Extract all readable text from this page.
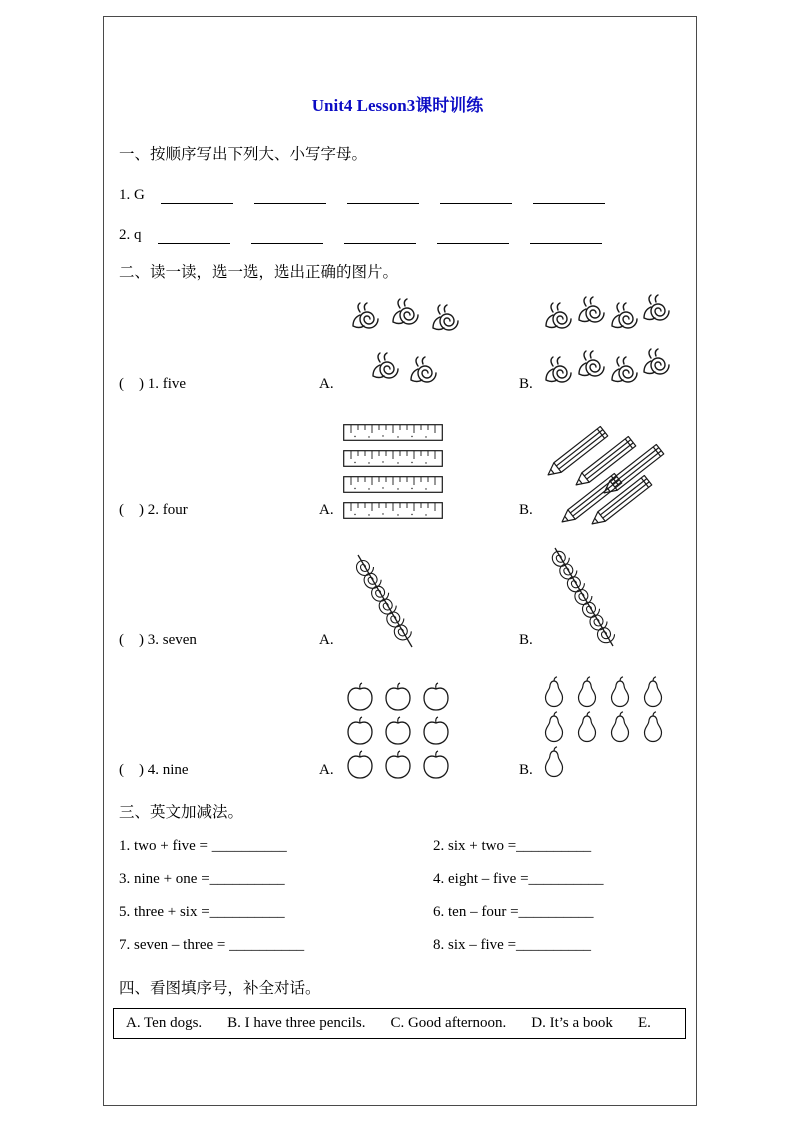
Unit4 Lesson3课时训练

一、按顺序写出下列大、小写字母。

1. G
2. q

二、读一读，选一选，选出正确的图片。

(　) 1. five	A.	B.
(　) 2. four	A.	B.
(　) 3. seven	A.	B.
(　) 4. nine	A.	B.

三、英文加减法。

1. two + five = __________	2. six + two =__________
3. nine + one =__________	4. eight – five =__________
5. three + six =__________	6. ten – four =__________
7. seven – three = __________	8. six – five =__________

四、看图填序号，补全对话。

A. Ten dogs. B. I have three pencils. C. Good afternoon. D. It’s a book E.
